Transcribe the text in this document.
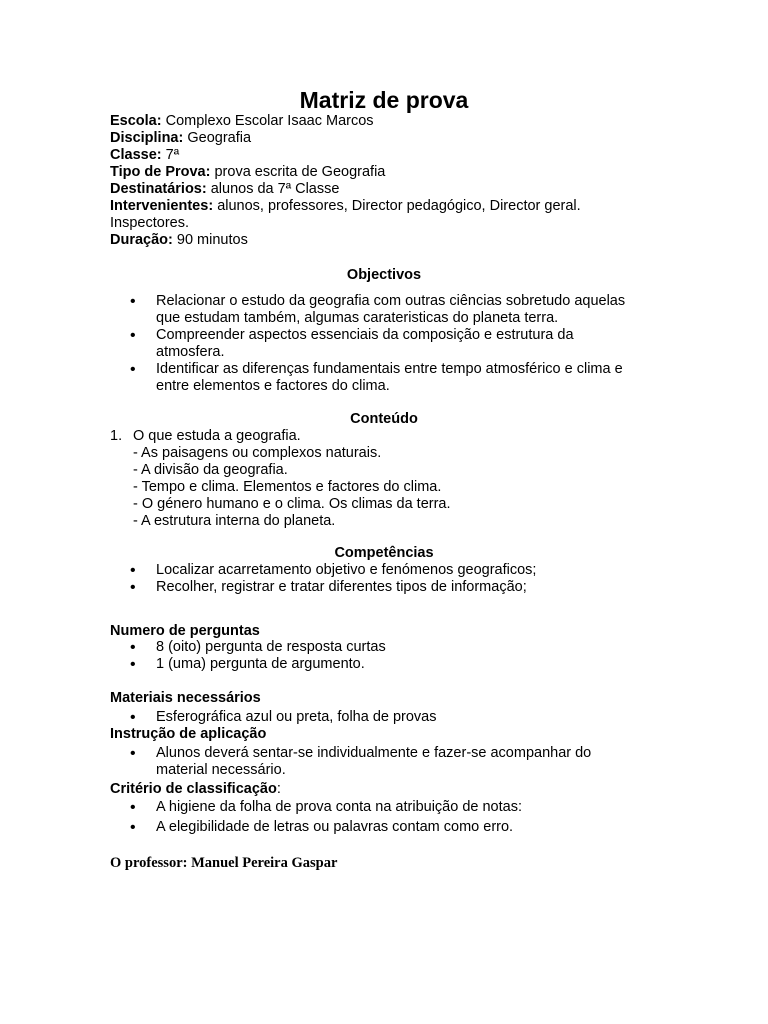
Matriz de prova
Escola: Complexo Escolar Isaac Marcos
Disciplina: Geografia
Classe: 7ª
Tipo de Prova: prova escrita de Geografia
Destinatários: alunos da 7ª Classe
Intervenientes: alunos, professores, Director pedagógico, Director geral.
Inspectores.
Duração: 90 minutos
Objectivos
• Relacionar o estudo da geografia com outras ciências sobretudo aquelas
que estudam também, algumas carateristicas do planeta terra.
• Compreender aspectos essenciais da composição e estrutura da
atmosfera.
• Identificar as diferenças fundamentais entre tempo atmosférico e clima e
entre elementos e factores do clima.
Conteúdo
1. O que estuda a geografia.
- As paisagens ou complexos naturais.
- A divisão da geografia.
- Tempo e clima. Elementos e factores do clima.
- O género humano e o clima. Os climas da terra.
- A estrutura interna do planeta.
Competências
• Localizar acarretamento objetivo e fenómenos geograficos;
• Recolher, registrar e tratar diferentes tipos de informação;
Numero de perguntas
• 8 (oito) pergunta de resposta curtas
• 1 (uma) pergunta de argumento.
Materiais necessários
• Esferográfica azul ou preta, folha de provas
Instrução de aplicação
• Alunos deverá sentar-se individualmente e fazer-se acompanhar do
material necessário.
Critério de classificação:
• A higiene da folha de prova conta na atribuição de notas:
• A elegibilidade de letras ou palavras contam como erro.
O professor: Manuel Pereira Gaspar
